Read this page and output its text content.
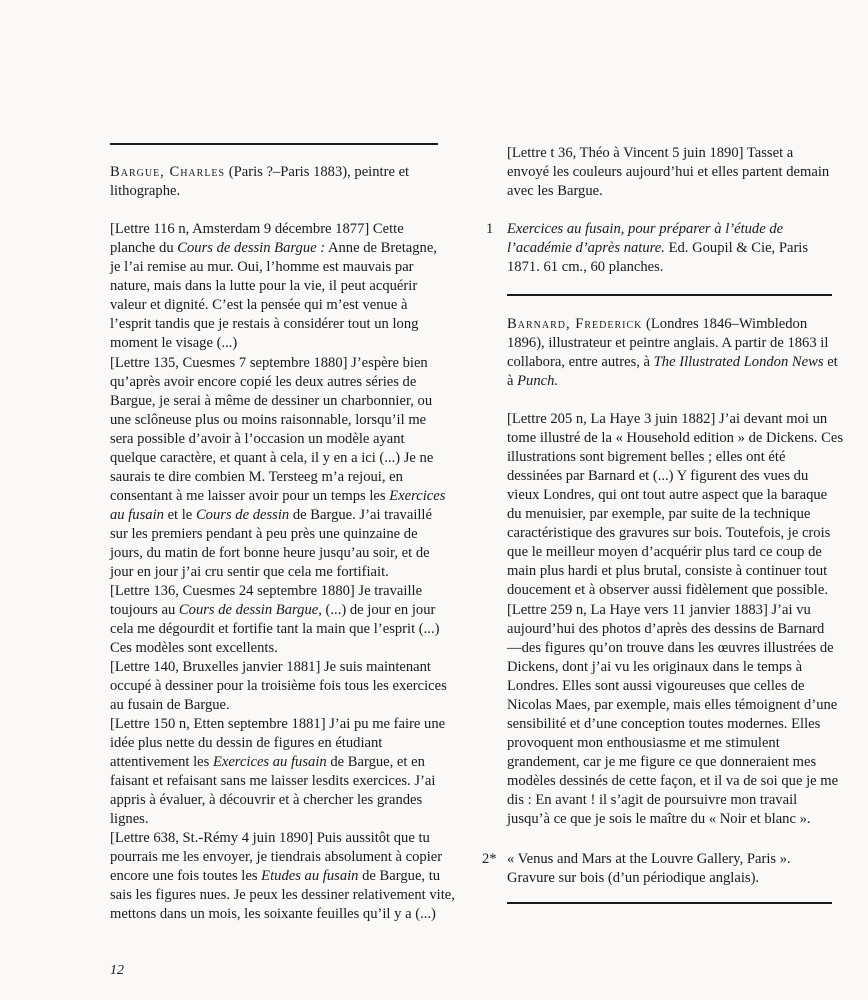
Bargue, Charles (Paris ?–Paris 1883), peintre et lithographe.

[Lettre 116 n, Amsterdam 9 décembre 1877] Cette planche du Cours de dessin Bargue : Anne de Bretagne, je l’ai remise au mur. Oui, l’homme est mauvais par nature, mais dans la lutte pour la vie, il peut acquérir valeur et dignité. C’est la pensée qui m’est venue à l’esprit tandis que je restais à considérer tout un long moment le visage (...)

[Lettre 135, Cuesmes 7 septembre 1880] J’espère bien qu’après avoir encore copié les deux autres séries de Bargue, je serai à même de dessiner un charbonnier, ou une sclôneuse plus ou moins raisonnable, lorsqu’il me sera possible d’avoir à l’occasion un modèle ayant quelque caractère, et quant à cela, il y en a ici (...) Je ne saurais te dire combien M. Tersteeg m’a rejoui, en consentant à me laisser avoir pour un temps les Exercices au fusain et le Cours de dessin de Bargue. J’ai travaillé sur les premiers pendant à peu près une quinzaine de jours, du matin de fort bonne heure jusqu’au soir, et de jour en jour j’ai cru sentir que cela me fortifiait.

[Lettre 136, Cuesmes 24 septembre 1880] Je travaille toujours au Cours de dessin Bargue, (...) de jour en jour cela me dégourdit et fortifie tant la main que l’esprit (...) Ces modèles sont excellents.

[Lettre 140, Bruxelles janvier 1881] Je suis maintenant occupé à dessiner pour la troisième fois tous les exercices au fusain de Bargue.

[Lettre 150 n, Etten septembre 1881] J’ai pu me faire une idée plus nette du dessin de figures en étudiant attentivement les Exercices au fusain de Bargue, et en faisant et refaisant sans me laisser lesdits exercices. J’ai appris à évaluer, à découvrir et à chercher les grandes lignes.

[Lettre 638, St.-Rémy 4 juin 1890] Puis aussitôt que tu pourrais me les envoyer, je tiendrais absolument à copier encore une fois toutes les Etudes au fusain de Bargue, tu sais les figures nues. Je peux les dessiner relativement vite, mettons dans un mois, les soixante feuilles qu’il y a (...)

[Lettre t 36, Théo à Vincent 5 juin 1890] Tasset a envoyé les couleurs aujourd’hui et elles partent demain avec les Bargue.

1 Exercices au fusain, pour préparer à l’étude de l’académie d’après nature. Ed. Goupil & Cie, Paris 1871. 61 cm., 60 planches.

Barnard, Frederick (Londres 1846–Wimbledon 1896), illustrateur et peintre anglais. A partir de 1863 il collabora, entre autres, à The Illustrated London News et à Punch.

[Lettre 205 n, La Haye 3 juin 1882] J’ai devant moi un tome illustré de la « Household edition » de Dickens. Ces illustrations sont bigrement belles ; elles ont été dessinées par Barnard et (...) Y figurent des vues du vieux Londres, qui ont tout autre aspect que la baraque du menuisier, par exemple, par suite de la technique caractéristique des gravures sur bois. Toutefois, je crois que le meilleur moyen d’acquérir plus tard ce coup de main plus hardi et plus brutal, consiste à continuer tout doucement et à observer aussi fidèlement que possible.

[Lettre 259 n, La Haye vers 11 janvier 1883] J’ai vu aujourd’hui des photos d’après des dessins de Barnard —des figures qu’on trouve dans les œuvres illustrées de Dickens, dont j’ai vu les originaux dans le temps à Londres. Elles sont aussi vigoureuses que celles de Nicolas Maes, par exemple, mais elles témoignent d’une sensibilité et d’une conception toutes modernes. Elles provoquent mon enthousiasme et me stimulent grandement, car je me figure ce que donneraient mes modèles dessinés de cette façon, et il va de soi que je me dis : En avant ! il s’agit de poursuivre mon travail jusqu’à ce que je sois le maître du « Noir et blanc ».

2* « Venus and Mars at the Louvre Gallery, Paris ». Gravure sur bois (d’un périodique anglais).

12
